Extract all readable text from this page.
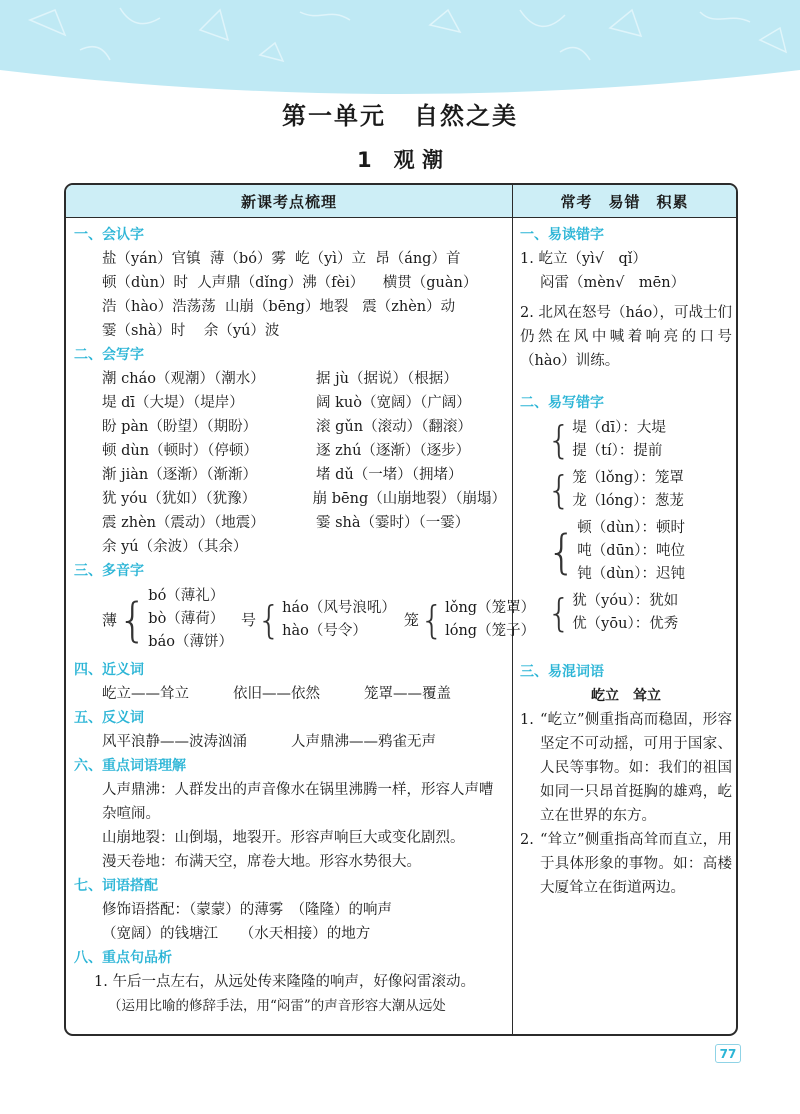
第一单元 自然之美
1 观 潮
新课考点梳理	常考　易错　积累
一、会认字
盐（yán）官镇 薄（bó）雾 屹（yì）立 昂（áng）首
顿（dùn）时 人声鼎（dǐng）沸（fèi） 横贯（guàn）
浩（hào）浩荡荡 山崩（bēng）地裂 震（zhèn）动
霎（shà）时 余（yú）波
二、会写字
潮 cháo（观潮）（潮水）	据 jù（据说）（根据）
堤 dī（大堤）（堤岸）	阔 kuò（宽阔）（广阔）
盼 pàn（盼望）（期盼）	滚 gǔn（滚动）（翻滚）
顿 dùn（顿时）（停顿）	逐 zhú（逐渐）（逐步）
渐 jiàn（逐渐）（渐渐）	堵 dǔ（一堵）（拥堵）
犹 yóu（犹如）（犹豫）	崩 bēng（山崩地裂）（崩塌）
震 zhèn（震动）（地震）	霎 shà（霎时）（一霎）
余 yú（余波）（其余）
三、多音字
薄 { bó（薄礼）
bò（薄荷）
báo（薄饼）
号 { háo（风号浪吼）
hào（号令）
笼 { lǒng（笼罩）
lóng（笼子）
四、近义词
屹立——耸立	依旧——依然	笼罩——覆盖
五、反义词
风平浪静——波涛汹涌	人声鼎沸——鸦雀无声
六、重点词语理解
人声鼎沸：人群发出的声音像水在锅里沸腾一样，形容人声嘈杂喧闹。
山崩地裂：山倒塌，地裂开。形容声响巨大或变化剧烈。
漫天卷地：布满天空，席卷大地。形容水势很大。
七、词语搭配
修饰语搭配：（蒙蒙）的薄雾　（隆隆）的响声
（宽阔）的钱塘江　　（水天相接）的地方
八、重点句品析
1. 午后一点左右，从远处传来隆隆的响声，好像闷雷滚动。
（运用比喻的修辞手法，用“闷雷”的声音形容大潮从远处
一、易读错字
1. 屹立（yì√　qǐ）
闷雷（mèn√　mēn）
2. 北风在怒号（háo），可战士们仍然在风中喊着响亮的口号（hào）训练。
二、易写错字
{ 堤（dī）：大堤
提（tí）：提前
{ 笼（lǒng）：笼罩
龙（lóng）：葱茏
{ 顿（dùn）：顿时
吨（dūn）：吨位
钝（dùn）：迟钝
{ 犹（yóu）：犹如
优（yōu）：优秀
三、易混词语
屹立　耸立
1. “屹立”侧重指高而稳固，形容坚定不可动摇，可用于国家、人民等事物。如：我们的祖国如同一只昂首挺胸的雄鸡，屹立在世界的东方。
2. “耸立”侧重指高耸而直立，用于具体形象的事物。如：高楼大厦耸立在街道两边。
77
